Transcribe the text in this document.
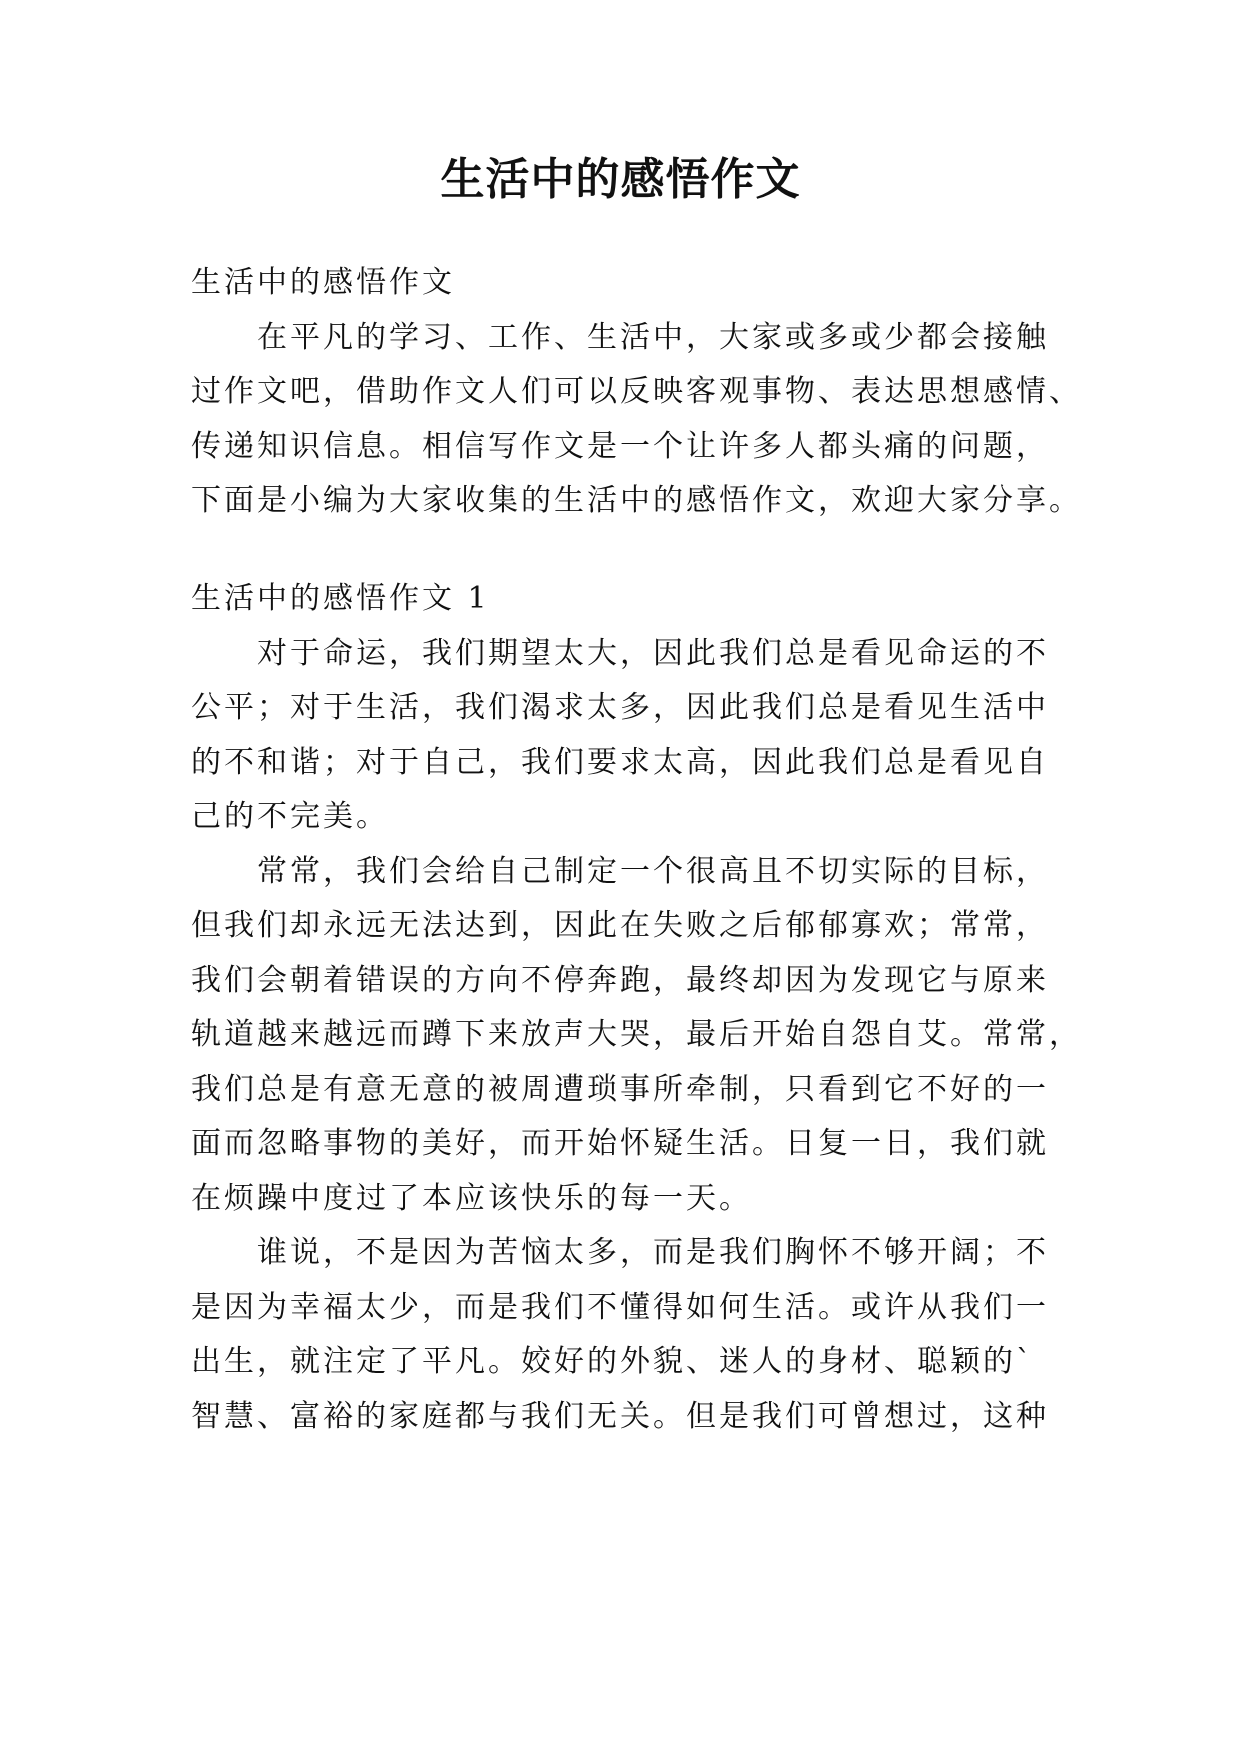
生活中的感悟作文
生活中的感悟作文
在平凡的学习、工作、生活中，大家或多或少都会接触
过作文吧，借助作文人们可以反映客观事物、表达思想感情、
传递知识信息。相信写作文是一个让许多人都头痛的问题，
下面是小编为大家收集的生活中的感悟作文，欢迎大家分享。
生活中的感悟作文 1
对于命运，我们期望太大，因此我们总是看见命运的不
公平；对于生活，我们渴求太多，因此我们总是看见生活中
的不和谐；对于自己，我们要求太高，因此我们总是看见自
己的不完美。
常常，我们会给自己制定一个很高且不切实际的目标，
但我们却永远无法达到，因此在失败之后郁郁寡欢；常常，
我们会朝着错误的方向不停奔跑，最终却因为发现它与原来
轨道越来越远而蹲下来放声大哭，最后开始自怨自艾。常常，
我们总是有意无意的被周遭琐事所牵制，只看到它不好的一
面而忽略事物的美好，而开始怀疑生活。日复一日，我们就
在烦躁中度过了本应该快乐的每一天。
谁说，不是因为苦恼太多，而是我们胸怀不够开阔；不
是因为幸福太少，而是我们不懂得如何生活。或许从我们一
出生，就注定了平凡。姣好的外貌、迷人的身材、聪颖的`
智慧、富裕的家庭都与我们无关。但是我们可曾想过，这种
